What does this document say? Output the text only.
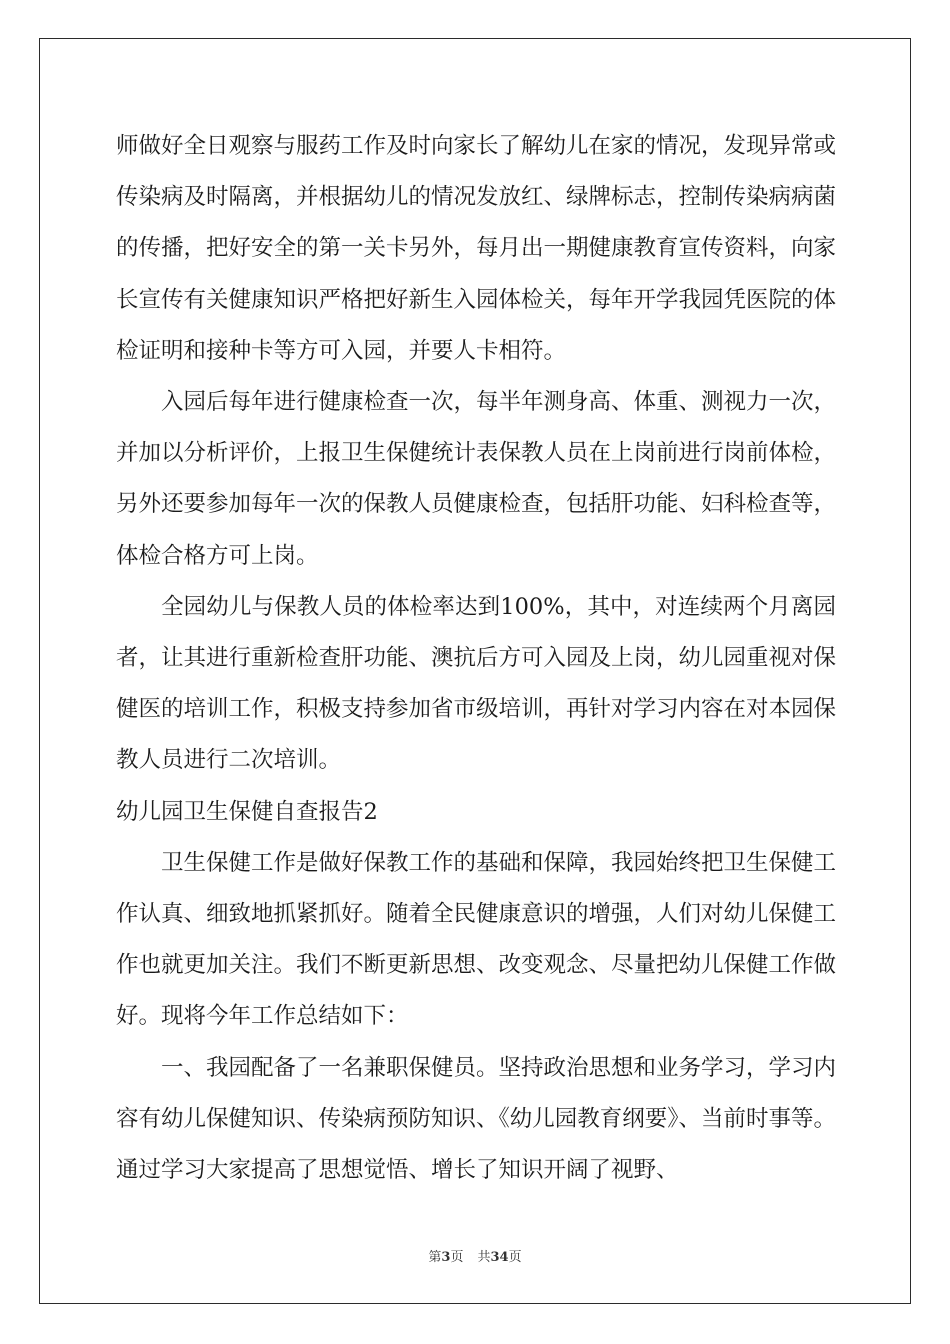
师做好全日观察与服药工作及时向家长了解幼儿在家的情况，发现异常或传染病及时隔离，并根据幼儿的情况发放红、绿牌标志，控制传染病病菌的传播，把好安全的第一关卡另外，每月出一期健康教育宣传资料，向家长宣传有关健康知识严格把好新生入园体检关，每年开学我园凭医院的体检证明和接种卡等方可入园，并要人卡相符。

入园后每年进行健康检查一次，每半年测身高、体重、测视力一次，并加以分析评价，上报卫生保健统计表保教人员在上岗前进行岗前体检，另外还要参加每年一次的保教人员健康检查，包括肝功能、妇科检查等，体检合格方可上岗。

全园幼儿与保教人员的体检率达到100%，其中，对连续两个月离园者，让其进行重新检查肝功能、澳抗后方可入园及上岗，幼儿园重视对保健医的培训工作，积极支持参加省市级培训，再针对学习内容在对本园保教人员进行二次培训。

幼儿园卫生保健自查报告2

卫生保健工作是做好保教工作的基础和保障，我园始终把卫生保健工作认真、细致地抓紧抓好。随着全民健康意识的增强，人们对幼儿保健工作也就更加关注。我们不断更新思想、改变观念、尽量把幼儿保健工作做好。现将今年工作总结如下：

一、我园配备了一名兼职保健员。坚持政治思想和业务学习，学习内容有幼儿保健知识、传染病预防知识、《幼儿园教育纲要》、当前时事等。通过学习大家提高了思想觉悟、增长了知识开阔了视野、

第3页 共34页
